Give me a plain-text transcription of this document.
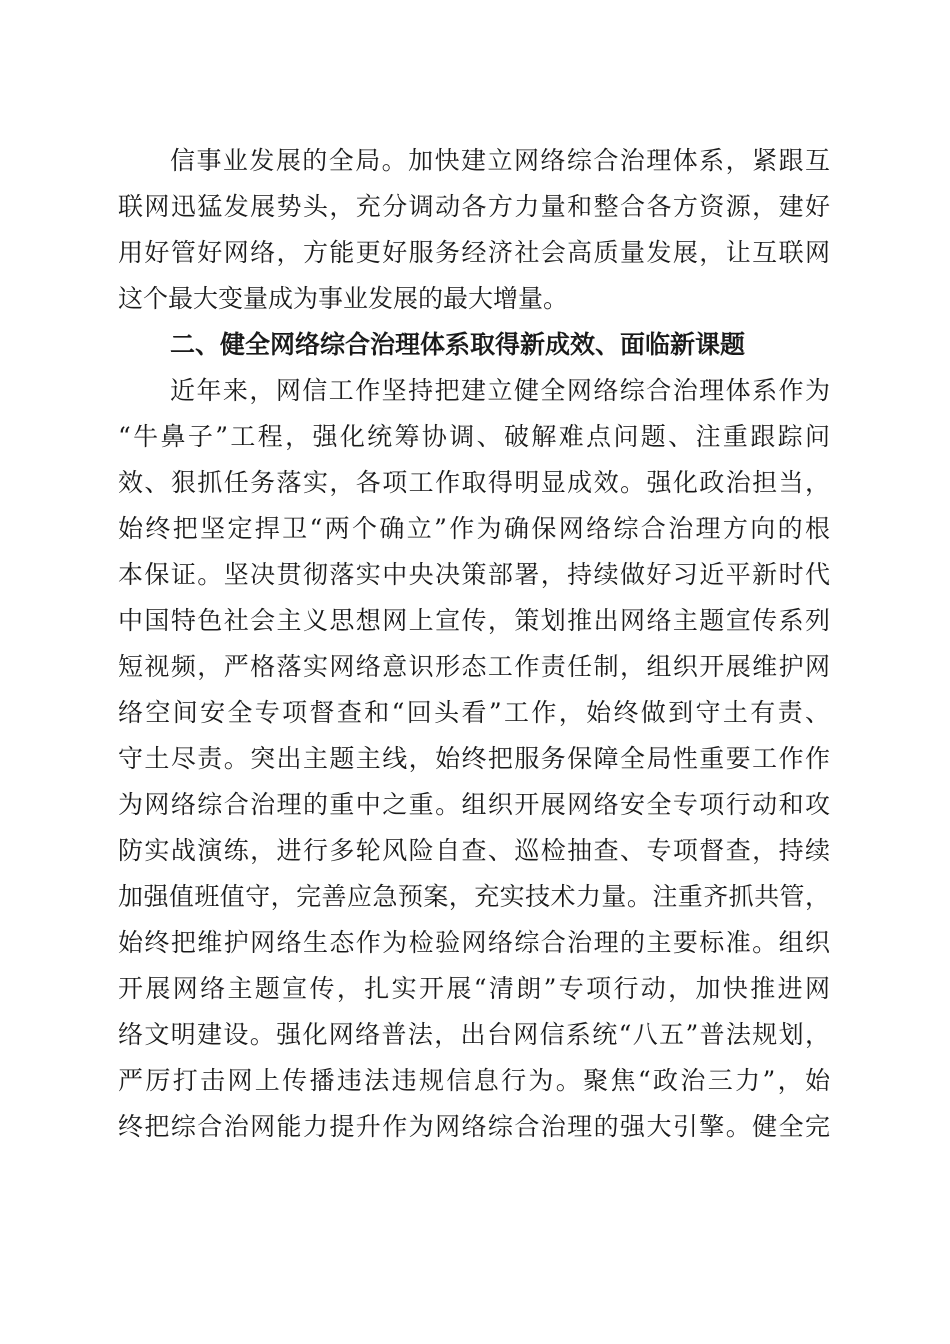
信事业发展的全局。加快建立网络综合治理体系，紧跟互
联网迅猛发展势头，充分调动各方力量和整合各方资源，建好
用好管好网络，方能更好服务经济社会高质量发展，让互联网
这个最大变量成为事业发展的最大增量。
二、健全网络综合治理体系取得新成效、面临新课题
近年来，网信工作坚持把建立健全网络综合治理体系作为
“牛鼻子”工程，强化统筹协调、破解难点问题、注重跟踪问
效、狠抓任务落实，各项工作取得明显成效。强化政治担当，
始终把坚定捍卫“两个确立”作为确保网络综合治理方向的根
本保证。坚决贯彻落实中央决策部署，持续做好习近平新时代
中国特色社会主义思想网上宣传，策划推出网络主题宣传系列
短视频，严格落实网络意识形态工作责任制，组织开展维护网
络空间安全专项督查和“回头看”工作，始终做到守土有责、
守土尽责。突出主题主线，始终把服务保障全局性重要工作作
为网络综合治理的重中之重。组织开展网络安全专项行动和攻
防实战演练，进行多轮风险自查、巡检抽查、专项督查，持续
加强值班值守，完善应急预案，充实技术力量。注重齐抓共管，
始终把维护网络生态作为检验网络综合治理的主要标准。组织
开展网络主题宣传，扎实开展“清朗”专项行动，加快推进网
络文明建设。强化网络普法，出台网信系统“八五”普法规划，
严厉打击网上传播违法违规信息行为。聚焦“政治三力”，始
终把综合治网能力提升作为网络综合治理的强大引擎。健全完
